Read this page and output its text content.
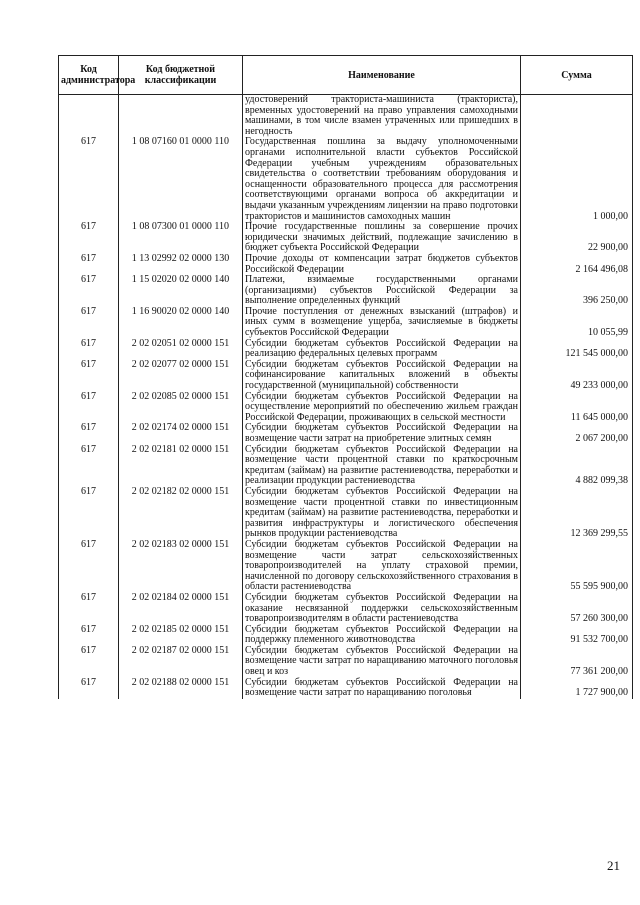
Код администратора	Код бюджетной классификации	Наименование	Сумма
		удостоверений тракториста-машиниста (тракториста), временных удостоверений на право управления самоходными машинами, в том числе взамен утраченных или пришедших в негодность	
617	1 08 07160 01 0000 110	Государственная пошлина за выдачу уполномоченными органами исполнительной власти субъектов Российской Федерации учебным учреждениям образовательных свидетельства о соответствии требованиям оборудования и оснащенности образовательного процесса для рассмотрения соответствующими органами вопроса об аккредитации и выдачи указанным учреждениям лицензии на право подготовки трактористов и машинистов самоходных машин	1 000,00
617	1 08 07300 01 0000 110	Прочие государственные пошлины за совершение прочих юридически значимых действий, подлежащие зачислению в бюджет субъекта Российской Федерации	22 900,00
617	1 13 02992 02 0000 130	Прочие доходы от компенсации затрат бюджетов субъектов Российской Федерации	2 164 496,08
617	1 15 02020 02 0000 140	Платежи, взимаемые государственными органами (организациями) субъектов Российской Федерации за выполнение определенных функций	396 250,00
617	1 16 90020 02 0000 140	Прочие поступления от денежных взысканий (штрафов) и иных сумм в возмещение ущерба, зачисляемые в бюджеты субъектов Российской Федерации	10 055,99
617	2 02 02051 02 0000 151	Субсидии бюджетам субъектов Российской Федерации на реализацию федеральных целевых программ	121 545 000,00
617	2 02 02077 02 0000 151	Субсидии бюджетам субъектов Российской Федерации на софинансирование капитальных вложений в объекты государственной (муниципальной) собственности	49 233 000,00
617	2 02 02085 02 0000 151	Субсидии бюджетам субъектов Российской Федерации на осуществление мероприятий по обеспечению жильем граждан Российской Федерации, проживающих в сельской местности	11 645 000,00
617	2 02 02174 02 0000 151	Субсидии бюджетам субъектов Российской Федерации на возмещение части затрат на приобретение элитных семян	2 067 200,00
617	2 02 02181 02 0000 151	Субсидии бюджетам субъектов Российской Федерации на возмещение части процентной ставки по краткосрочным кредитам (займам) на развитие растениеводства, переработки и реализации продукции растениеводства	4 882 099,38
617	2 02 02182 02 0000 151	Субсидии бюджетам субъектов Российской Федерации на возмещение части процентной ставки по инвестиционным кредитам (займам) на развитие растениеводства, переработки и развития инфраструктуры и логистического обеспечения рынков продукции растениеводства	12 369 299,55
617	2 02 02183 02 0000 151	Субсидии бюджетам субъектов Российской Федерации на возмещение части затрат сельскохозяйственных товаропроизводителей на уплату страховой премии, начисленной по договору сельскохозяйственного страхования в области растениеводства	55 595 900,00
617	2 02 02184 02 0000 151	Субсидии бюджетам субъектов Российской Федерации на оказание несвязанной поддержки сельскохозяйственным товаропроизводителям в области растениеводства	57 260 300,00
617	2 02 02185 02 0000 151	Субсидии бюджетам субъектов Российской Федерации на поддержку племенного животноводства	91 532 700,00
617	2 02 02187 02 0000 151	Субсидии бюджетам субъектов Российской Федерации на возмещение части затрат по наращиванию маточного поголовья овец и коз	77 361 200,00
617	2 02 02188 02 0000 151	Субсидии бюджетам субъектов Российской Федерации на возмещение части затрат по наращиванию поголовья	1 727 900,00
21
